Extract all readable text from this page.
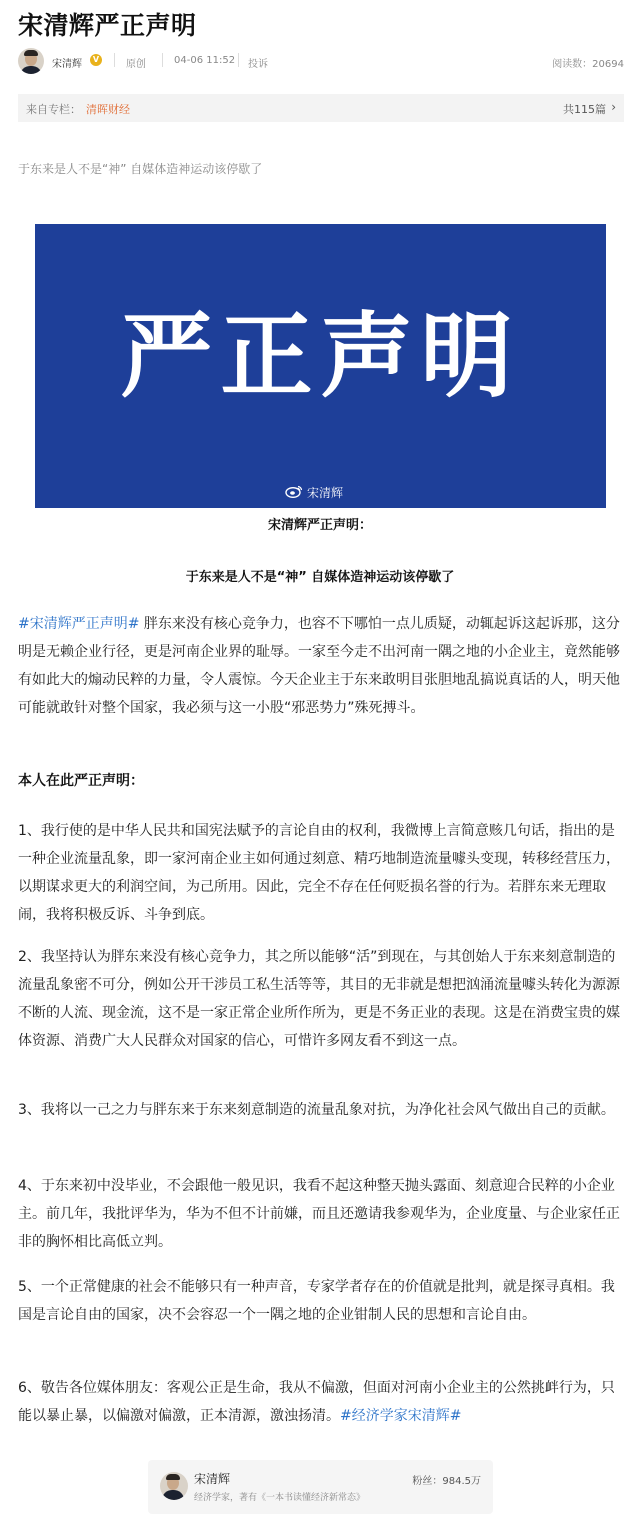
宋清辉严正声明
宋清辉	V	原创	04-06 11:52 投诉	阅读数：20694
来自专栏： 清晖财经	共115篇 ›
于东来是人不是“神” 自媒体造神运动该停歇了
严正声明
宋清辉
宋清辉严正声明：
于东来是人不是“神” 自媒体造神运动该停歇了
#宋清辉严正声明# 胖东来没有核心竞争力，也容不下哪怕一点儿质疑，动辄起诉这起诉那，这分明是无赖企业行径，更是河南企业界的耻辱。一家至今走不出河南一隅之地的小企业主，竟然能够有如此大的煽动民粹的力量，令人震惊。今天企业主于东来敢明目张胆地乱搞说真话的人，明天他可能就敢针对整个国家，我必须与这一小股“邪恶势力”殊死搏斗。
本人在此严正声明：
1、我行使的是中华人民共和国宪法赋予的言论自由的权利，我微博上言简意赅几句话，指出的是一种企业流量乱象，即一家河南企业主如何通过刻意、精巧地制造流量噱头变现，转移经营压力，以期谋求更大的利润空间，为己所用。因此，完全不存在任何贬损名誉的行为。若胖东来无理取闹，我将积极反诉、斗争到底。
2、我坚持认为胖东来没有核心竞争力，其之所以能够“活”到现在，与其创始人于东来刻意制造的流量乱象密不可分，例如公开干涉员工私生活等等，其目的无非就是想把汹涌流量噱头转化为源源不断的人流、现金流，这不是一家正常企业所作所为，更是不务正业的表现。这是在消费宝贵的媒体资源、消费广大人民群众对国家的信心，可惜许多网友看不到这一点。
3、我将以一己之力与胖东来于东来刻意制造的流量乱象对抗，为净化社会风气做出自己的贡献。
4、于东来初中没毕业，不会跟他一般见识，我看不起这种整天抛头露面、刻意迎合民粹的小企业主。前几年，我批评华为，华为不但不计前嫌，而且还邀请我参观华为，企业度量、与企业家任正非的胸怀相比高低立判。
5、一个正常健康的社会不能够只有一种声音，专家学者存在的价值就是批判，就是探寻真相。我国是言论自由的国家，决不会容忍一个一隅之地的企业钳制人民的思想和言论自由。
6、敬告各位媒体朋友：客观公正是生命，我从不偏激，但面对河南小企业主的公然挑衅行为，只能以暴止暴，以偏激对偏激，正本清源，激浊扬清。#经济学家宋清辉#
宋清辉
经济学家，著有《一本书读懂经济新常态》
粉丝：984.5万
